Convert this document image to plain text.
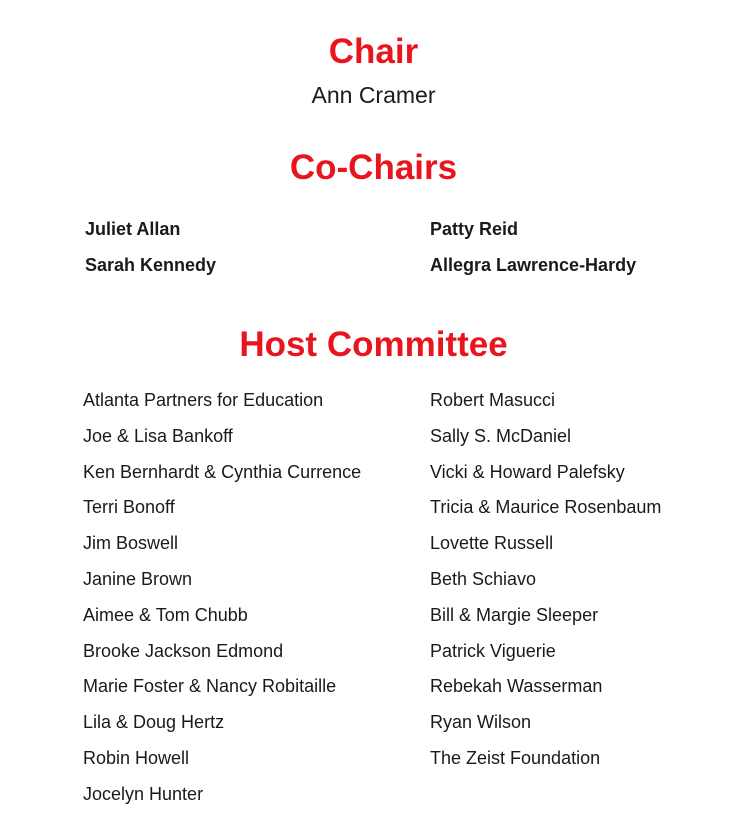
Chair
Ann Cramer
Co-Chairs
Juliet Allan
Sarah Kennedy
Patty Reid
Allegra Lawrence-Hardy
Host Committee
Atlanta Partners for Education
Joe & Lisa Bankoff
Ken Bernhardt & Cynthia Currence
Terri Bonoff
Jim Boswell
Janine Brown
Aimee & Tom Chubb
Brooke Jackson Edmond
Marie Foster & Nancy Robitaille
Lila & Doug Hertz
Robin Howell
Jocelyn Hunter
Robert Masucci
Sally S. McDaniel
Vicki & Howard Palefsky
Tricia & Maurice Rosenbaum
Lovette Russell
Beth Schiavo
Bill & Margie Sleeper
Patrick Viguerie
Rebekah Wasserman
Ryan Wilson
The Zeist Foundation
